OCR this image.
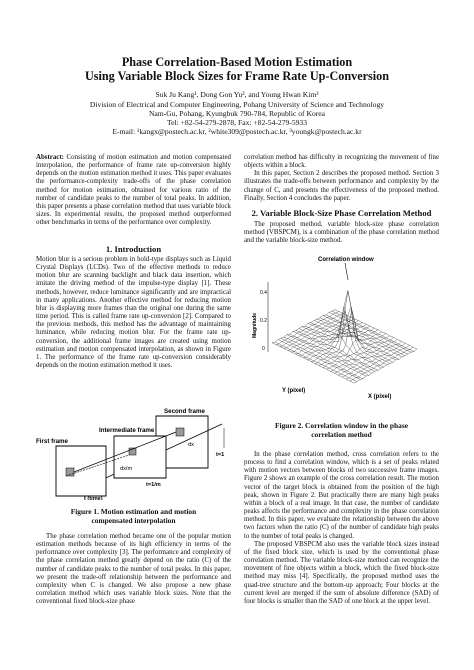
Phase Correlation-Based Motion Estimation
Using Variable Block Sizes for Frame Rate Up-Conversion
Suk Ju Kang¹, Dong Gon Yu², and Young Hwan Kim³
Division of Electrical and Computer Engineering, Pohang University of Science and Technology
Nam-Gu, Pohang, Kyungbuk 790-784, Republic of Korea
Tel: +82-54-279-2878, Fax: +82-54-279-5933
E-mail: ¹kangx@postech.ac.kr, ²white309@postech.ac.kr, ³youngk@postech.ac.kr

Abstract: Consisting of motion estimation and motion compensated interpolation, the performance of frame rate up-conversion highly depends on the motion estimation method it uses. This paper evaluates the performance-complexity trade-offs of the phase correlation method for motion estimation, obtained for various ratio of the number of candidate peaks to the number of total peaks. In addition, this paper presents a phase correlation method that uses variable block sizes. In experimental results, the proposed method outperformed other benchmarks in terms of the performance over complexity.

1. Introduction

Motion blur is a serious problem in hold-type displays such as Liquid Crystal Displays (LCDs). Two of the effective methods to reduce motion blur are scanning backlight and black data insertion, which imitate the driving method of the impulse-type display [1]. These methods, however, reduce luminance significantly and are impractical in many applications. Another effective method for reducing motion blur is displaying more frames than the original one during the same time period. This is called frame rate up-conversion [2]. Compared to the previous methods, this method has the advantage of maintaining luminance, while reducing motion blur. For the frame rate up-conversion, the additional frame images are created using motion estimation and motion compensated interpolation, as shown in Figure 1. The performance of the frame rate up-conversion considerably depends on the motion estimation method it uses.

Second frame
Intermediate frame
First frame
dx/m
dx
t=1
t=1/m
t (time)
Figure 1. Motion estimation and motion
compensated interpolation

The phase correlation method became one of the popular motion estimation methods because of its high efficiency in terms of the performance over complexity [3]. The performance and complexity of the phase correlation method greatly depend on the ratio (C) of the number of candidate peaks to the number of total peaks. In this paper, we present the trade-off relationship between the performance and complexity when C is changed. We also propose a new phase correlation method which uses variable block sizes. Note that the conventional fixed block-size phase

correlation method has difficulty in recognizing the movement of fine objects within a block.

In this paper, Section 2 describes the proposed method. Section 3 illustrates the trade-offs between performance and complexity by the change of C, and presents the effectiveness of the proposed method. Finally, Section 4 concludes the paper.

2. Variable Block-Size Phase Correlation Method

The proposed method, variable block-size phase correlation method (VBSPCM), is a combination of the phase correlation method and the variable block-size method.

Correlation window
0.4
0.2
0
Magnitude
Y (pixel)
X (pixel)
Figure 2. Correlation window in the phase
correlation method

In the phase correlation method, cross correlation refers to the process to find a correlation window, which is a set of peaks related with motion vectors between blocks of two successive frame images. Figure 2 shows an example of the cross correlation result. The motion vector of the target block is obtained from the position of the high peak, shown in Figure 2. But practically there are many high peaks within a block of a real image. In that case, the number of candidate peaks affects the performance and complexity in the phase correlation method. In this paper, we evaluate the relationship between the above two factors when the ratio (C) of the number of candidate high peaks to the number of total peaks is changed.

The proposed VBSPCM also uses the variable block sizes instead of the fixed block size, which is used by the conventional phase correlation method. The variable block-size method can recognize the movement of fine objects within a block, which the fixed block-size method may miss [4]. Specifically, the proposed method uses the quad-tree structure and the bottom-up approach; Four blocks at the current level are merged if the sum of absolute difference (SAD) of four blocks is smaller than the SAD of one block at the upper level.
